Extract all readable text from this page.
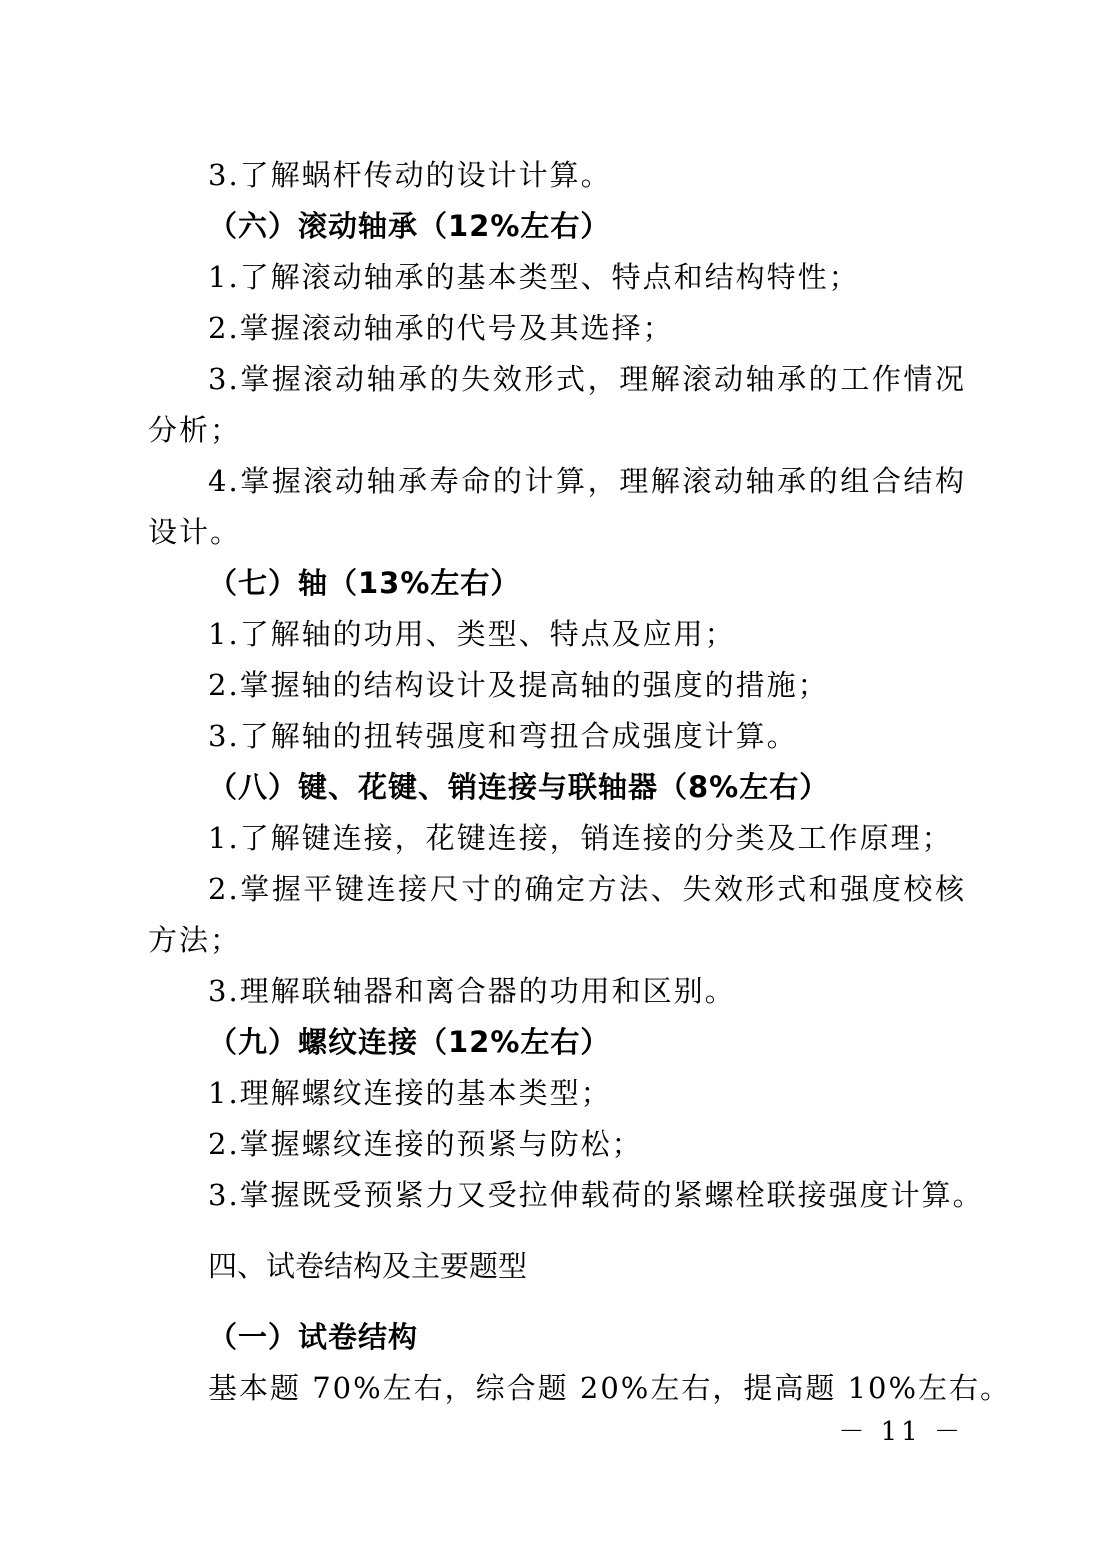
3.了解蜗杆传动的设计计算。
（六）滚动轴承（12%左右）
1.了解滚动轴承的基本类型、特点和结构特性；
2.掌握滚动轴承的代号及其选择；
3.掌握滚动轴承的失效形式，理解滚动轴承的工作情况分析；
4.掌握滚动轴承寿命的计算，理解滚动轴承的组合结构设计。
（七）轴（13%左右）
1.了解轴的功用、类型、特点及应用；
2.掌握轴的结构设计及提高轴的强度的措施；
3.了解轴的扭转强度和弯扭合成强度计算。
（八）键、花键、销连接与联轴器（8%左右）
1.了解键连接，花键连接，销连接的分类及工作原理；
2.掌握平键连接尺寸的确定方法、失效形式和强度校核方法；
3.理解联轴器和离合器的功用和区别。
（九）螺纹连接（12%左右）
1.理解螺纹连接的基本类型；
2.掌握螺纹连接的预紧与防松；
3.掌握既受预紧力又受拉伸载荷的紧螺栓联接强度计算。
四、试卷结构及主要题型
（一）试卷结构
基本题 70%左右，综合题 20%左右，提高题 10%左右。
－ 11 －
